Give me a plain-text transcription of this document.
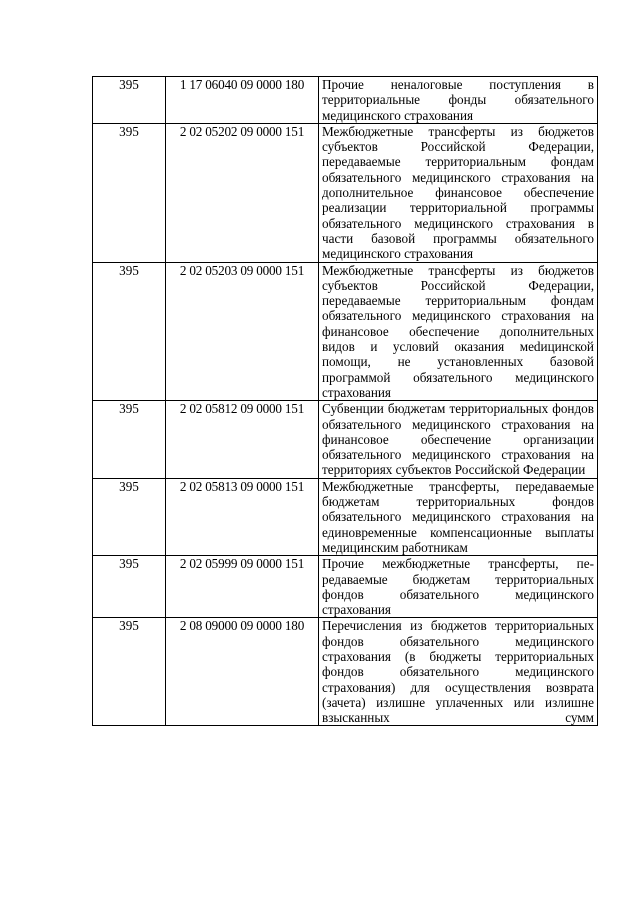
395	1 17 06040 09 0000 180	Прочие неналоговые поступления в территориальные фонды обязательного медицинского страхования
395	2 02 05202 09 0000 151	Межбюджетные трансферты из бюджетов субъектов Российской Федерации, передаваемые территориальным фондам обязательного медицинского страхования на дополнительное финансовое обеспечение реализации территориальной программы обязательного медицинского страхования в части базовой программы обязательного медицинского страхования
395	2 02 05203 09 0000 151	Межбюджетные трансферты из бюджетов субъектов Российской Федерации, передаваемые территориальным фондам обязательного медицинского страхования на финансовое обеспечение дополнительных видов и условий оказания меdицинской помощи, не установленных базовой программой обязательного медицинского страхования
395	2 02 05812 09 0000 151	Субвенции бюджетам территориальных фондов обязательного медицинского страхования на финансовое обеспечение организации обязательного медицинского страхования на территориях субъектов Российской Федерации
395	2 02 05813 09 0000 151	Межбюджетные трансферты, передаваемые бюджетам территориальных фондов обязательного медицинского страхования на единовременные компенсационные выплаты медицинским работникам
395	2 02 05999 09 0000 151	Прочие межбюджетные трансферты, передаваемые бюджетам территориальных фондов обязательного медицинского страхования
395	2 08 09000 09 0000 180	Перечисления из бюджетов территориальных фондов обязательного медицинского страхования (в бюджеты территориальных фондов обязательного медицинского страхования) для осуществления возврата (зачета) излишне уплаченных или излишне взысканных сумм
